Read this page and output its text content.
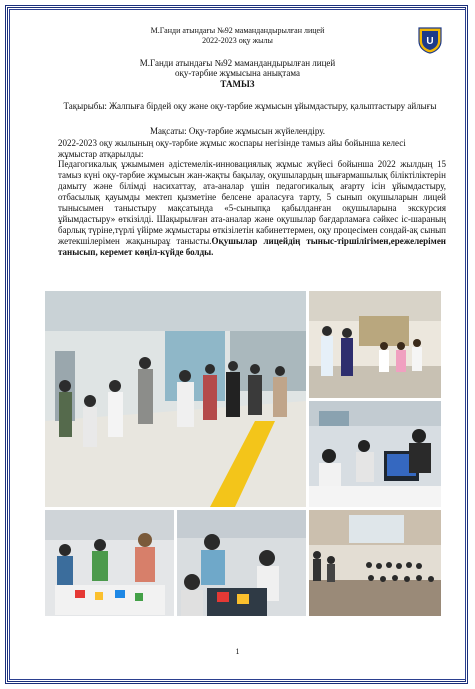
М.Ганди атындағы №92 мамандандырылған лицей
2022-2023 оқу жылы	U
М.Ганди атындағы №92 мамандандырылған лицей
оқу-тәрбие жұмысына анықтама
ТАМЫЗ
Тақырыбы: Жалпыға бірдей оқу және оқу-тәрбие жұмысын ұйымдастыру, қалыптастыру айлығы
Мақсаты: Оқу-тәрбие жұмысын жүйелендіру.
2022-2023 оқу жылының оқу-тәрбие жұмыс жоспары негізінде тамыз айы бойынша келесі жұмыстар атқарылды:
Педагогикалық ұжымымен әдістемелік-инновациялық жұмыс жүйесі бойынша 2022 жылдың 15 тамыз күні оқу-тәрбие жұмысын жан-жақты бақылау, оқушылардың шығармашылық біліктіліктерін дамыту және білімді насихаттау, ата-аналар үшін педагогикалық ағарту ісін ұйымдастыру, отбасылық қауымды мектеп қызметіне белсене араласуға тарту, 5 сынып оқушыларын лицей тынысымен таныстыру мақсатында «5-сыныпқа қабылданған оқушыларына экскурсия ұйымдастыру» өткізілді. Шақырылған ата-аналар және оқушылар бағдарламаға сәйкес іс-шараның барлық түріне,түрлі үйірме жұмыстары өткізілетін кабинеттермен, оқу процесімен сондай-ақ сынып жетекшілерімен жақыныраұ танысты.Оқушылар лицейдің тыныс-тіршілігімен,ережелерімен танысып, керемет көңіл-күйде болды.
1
